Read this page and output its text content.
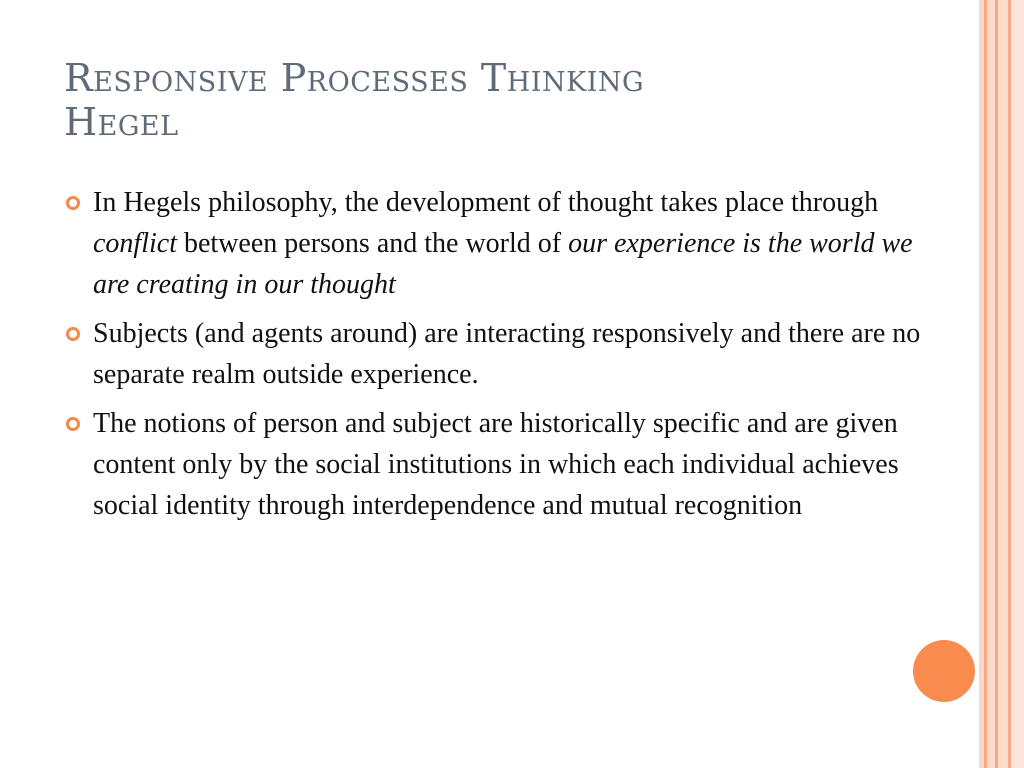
Responsive Processes Thinking
Hegel
In Hegels philosophy, the development of thought takes place through conflict between persons and the world of our experience is the world we are creating in our thought
Subjects (and agents around) are interacting responsively and there are no separate realm outside experience.
The notions of person and subject are historically specific and are given content only by the social institutions in which each individual achieves social identity through interdependence and mutual recognition
